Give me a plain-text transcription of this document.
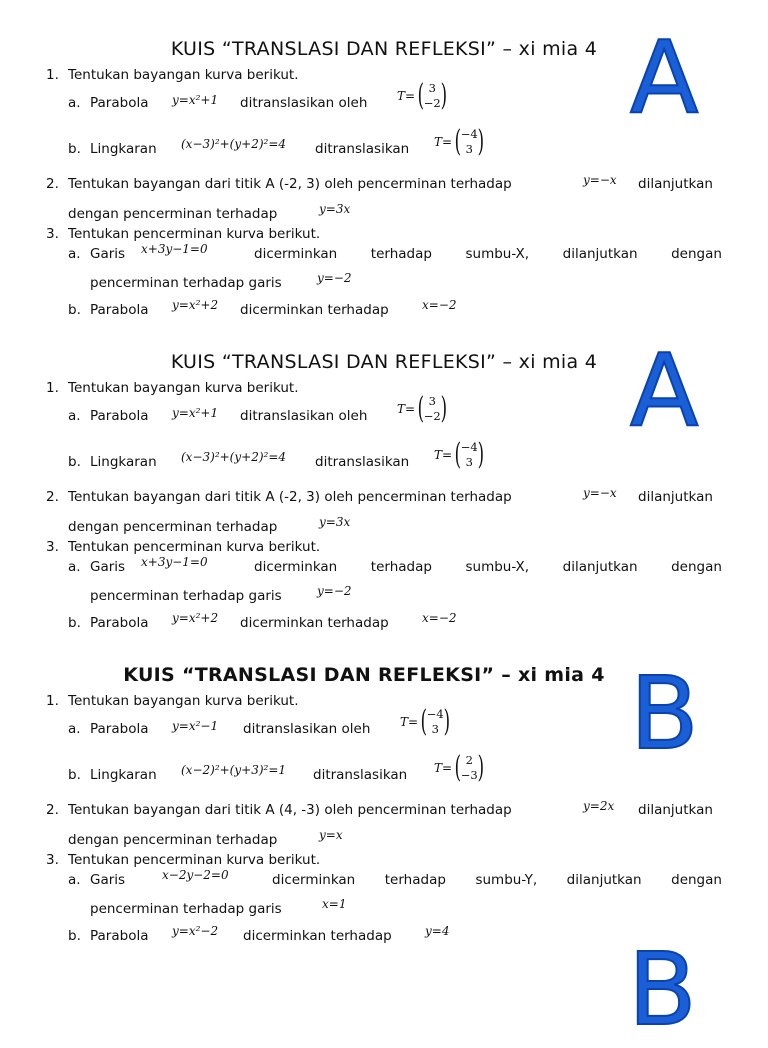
KUIS “TRANSLASI DAN REFLEKSI” – xi mia 4 A
1. Tentukan bayangan kurva berikut.
a. Parabola y=x²+1 ditranslasikan oleh T= ( 3
−2 )
b. Lingkaran (x−3)²+(y+2)²=4 ditranslasikan T= ( −4
3 )
2. Tentukan bayangan dari titik A (-2, 3) oleh pencerminan terhadap	y=−x dilanjutkan
dengan pencerminan terhadap	y=3x
3. Tentukan pencerminan kurva berikut.
a. Garis x+3y−1=0	dicerminkan terhadap sumbu-X, dilanjutkan dengan
pencerminan terhadap garis	y=−2
b. Parabola y=x²+2 dicerminkan terhadap	x=−2
KUIS “TRANSLASI DAN REFLEKSI” – xi mia 4 A
1. Tentukan bayangan kurva berikut.
a. Parabola y=x²+1 ditranslasikan oleh T= ( 3
−2 )
b. Lingkaran (x−3)²+(y+2)²=4 ditranslasikan T= ( −4
3 )
2. Tentukan bayangan dari titik A (-2, 3) oleh pencerminan terhadap	y=−x dilanjutkan
dengan pencerminan terhadap	y=3x
3. Tentukan pencerminan kurva berikut.
a. Garis x+3y−1=0	dicerminkan terhadap sumbu-X, dilanjutkan dengan
pencerminan terhadap garis	y=−2
b. Parabola y=x²+2 dicerminkan terhadap	x=−2
KUIS “TRANSLASI DAN REFLEKSI” – xi mia 4 B
1. Tentukan bayangan kurva berikut.
a. Parabola y=x²−1 ditranslasikan oleh T= ( −4
3 )
b. Lingkaran (x−2)²+(y+3)²=1 ditranslasikan T= ( 2
−3 )
2. Tentukan bayangan dari titik A (4, -3) oleh pencerminan terhadap	y=2x dilanjutkan
dengan pencerminan terhadap	y=x
3. Tentukan pencerminan kurva berikut.
a. Garis	x−2y−2=0	dicerminkan terhadap sumbu-Y, dilanjutkan dengan
pencerminan terhadap garis	x=1
b. Parabola y=x²−2 dicerminkan terhadap	y=4 B
